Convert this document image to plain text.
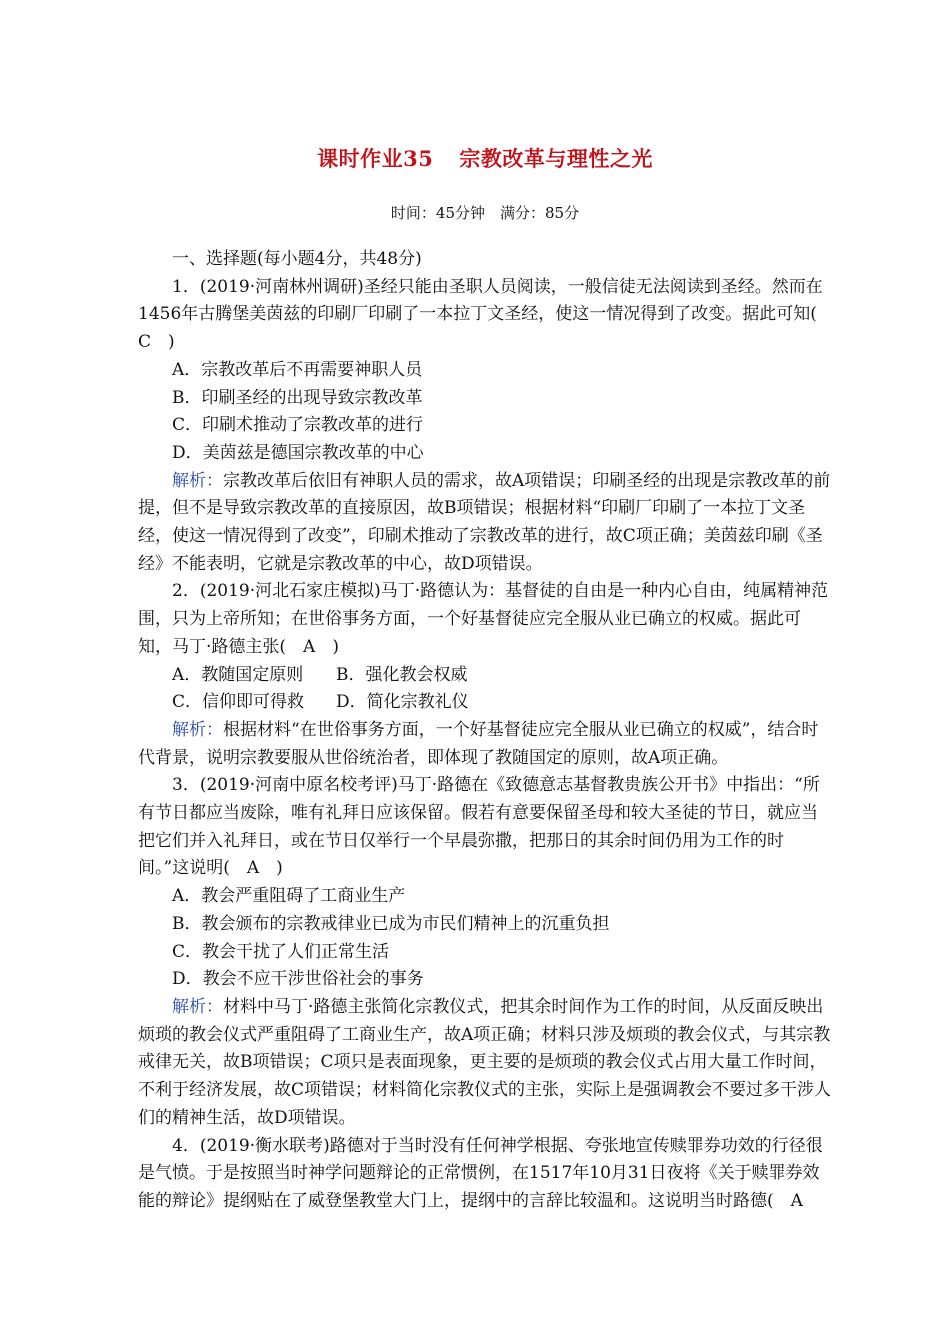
课时作业35 宗教改革与理性之光
时间：45分钟　满分：85分

一、选择题(每小题4分，共48分)

1．(2019·河南林州调研)圣经只能由圣职人员阅读，一般信徒无法阅读到圣经。然而在1456年古腾堡美茵兹的印刷厂印刷了一本拉丁文圣经，使这一情况得到了改变。据此可知(　C　)

A．宗教改革后不再需要神职人员

B．印刷圣经的出现导致宗教改革

C．印刷术推动了宗教改革的进行

D．美茵兹是德国宗教改革的中心

解析：宗教改革后依旧有神职人员的需求，故A项错误；印刷圣经的出现是宗教改革的前提，但不是导致宗教改革的直接原因，故B项错误；根据材料“印刷厂印刷了一本拉丁文圣经，使这一情况得到了改变”，印刷术推动了宗教改革的进行，故C项正确；美茵兹印刷《圣经》不能表明，它就是宗教改革的中心，故D项错误。

2．(2019·河北石家庄模拟)马丁·路德认为：基督徒的自由是一种内心自由，纯属精神范围，只为上帝所知；在世俗事务方面，一个好基督徒应完全服从业已确立的权威。据此可知，马丁·路德主张(　A　)

A．教随国定原则 B．强化教会权威

C．信仰即可得救 D．简化宗教礼仪

解析：根据材料“在世俗事务方面，一个好基督徒应完全服从业已确立的权威”，结合时代背景，说明宗教要服从世俗统治者，即体现了教随国定的原则，故A项正确。

3．(2019·河南中原名校考评)马丁·路德在《致德意志基督教贵族公开书》中指出：“所有节日都应当废除，唯有礼拜日应该保留。假若有意要保留圣母和较大圣徒的节日，就应当把它们并入礼拜日，或在节日仅举行一个早晨弥撒，把那日的其余时间仍用为工作的时间。”这说明(　A　)

A．教会严重阻碍了工商业生产

B．教会颁布的宗教戒律业已成为市民们精神上的沉重负担

C．教会干扰了人们正常生活

D．教会不应干涉世俗社会的事务

解析：材料中马丁·路德主张简化宗教仪式，把其余时间作为工作的时间，从反面反映出烦琐的教会仪式严重阻碍了工商业生产，故A项正确；材料只涉及烦琐的教会仪式，与其宗教戒律无关，故B项错误；C项只是表面现象，更主要的是烦琐的教会仪式占用大量工作时间，不利于经济发展，故C项错误；材料简化宗教仪式的主张，实际上是强调教会不要过多干涉人们的精神生活，故D项错误。

4．(2019·衡水联考)路德对于当时没有任何神学根据、夸张地宣传赎罪券功效的行径很是气愤。于是按照当时神学问题辩论的正常惯例，在1517年10月31日夜将《关于赎罪券效能的辩论》提纲贴在了威登堡教堂大门上，提纲中的言辞比较温和。这说明当时路德(　A
